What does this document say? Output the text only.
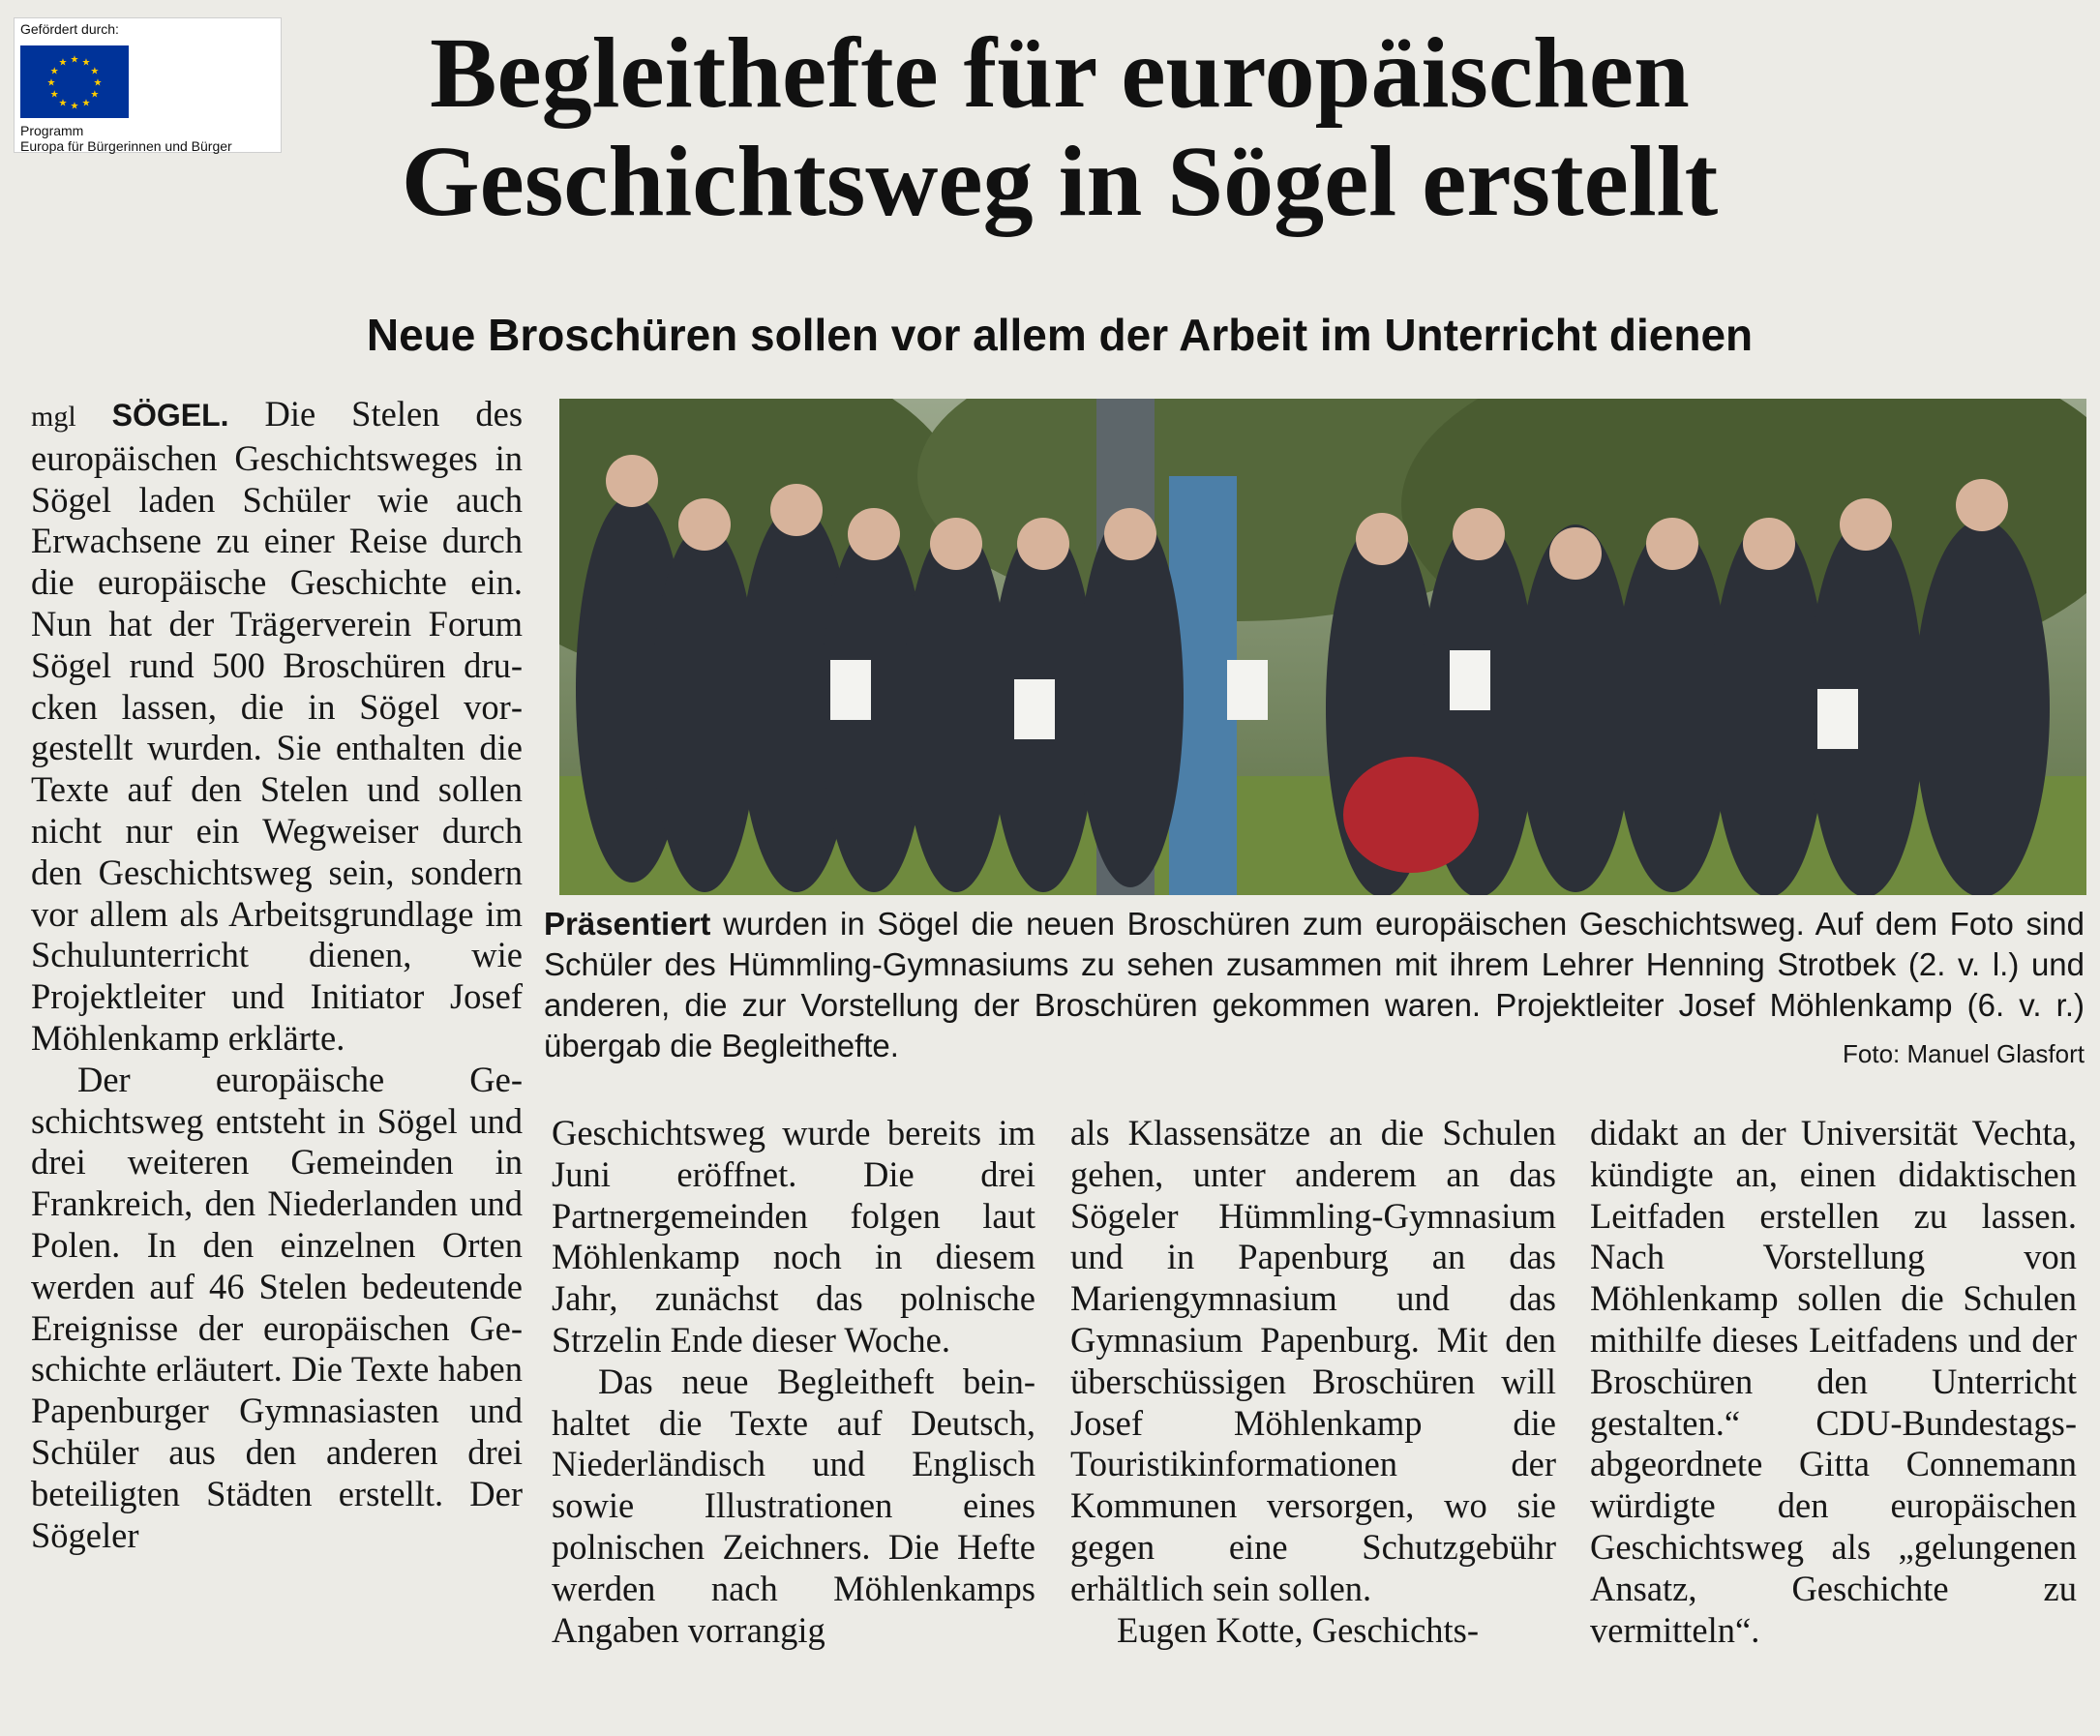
Gefördert durch:
★ ★
★
★
★
★
★
★
★
★
★
★
Programm
Europa für Bürgerinnen und Bürger
Begleithefte für europäischen
Geschichtsweg in Sögel erstellt
Neue Broschüren sollen vor allem der Arbeit im Unterricht dienen

mgl SÖGEL. Die Stelen des europäischen Geschichtsweges in Sögel laden Schüler wie auch Erwachsene zu einer Reise durch die europäische Geschichte ein. Nun hat der Trägerverein Forum Sögel rund 500 Broschüren drucken lassen, die in Sögel vorgestellt wurden. Sie enthalten die Texte auf den Stelen und sollen nicht nur ein Wegweiser durch den Geschichtsweg sein, sondern vor allem als Arbeitsgrundlage im Schulunterricht dienen, wie Projektleiter und Initiator Josef Möhlenkamp erklärte.

Der europäische Geschichtsweg entsteht in Sögel und drei weiteren Gemeinden in Frankreich, den Niederlanden und Polen. In den einzelnen Orten werden auf 46 Stelen bedeutende Ereignisse der europäischen Geschichte erläutert. Die Texte haben Papenburger Gymnasiasten und Schüler aus den anderen drei beteiligten Städten erstellt. Der Sögeler

Präsentiert wurden in Sögel die neuen Broschüren zum europäischen Geschichtsweg. Auf dem Foto sind Schüler des Hümmling-Gymnasiums zu sehen zusammen mit ihrem Lehrer Henning Strotbek (2. v. l.) und anderen, die zur Vorstellung der Broschüren gekommen waren. Projektleiter Josef Möhlenkamp (6. v. r.) übergab die Begleithefte.	Foto: Manuel Glasfort

Geschichtsweg wurde bereits im Juni eröffnet. Die drei Partnergemeinden folgen laut Möhlenkamp noch in diesem Jahr, zunächst das polnische Strzelin Ende dieser Woche.

Das neue Begleitheft beinhaltet die Texte auf Deutsch, Niederländisch und Englisch sowie Illustrationen eines polnischen Zeichners. Die Hefte werden nach Möhlenkamps Angaben vorrangig

als Klassensätze an die Schulen gehen, unter anderem an das Sögeler Hümmling-Gymnasium und in Papenburg an das Mariengymnasium und das Gymnasium Papenburg. Mit den überschüssigen Broschüren will Josef Möhlenkamp die Touristikinformationen der Kommunen versorgen, wo sie gegen eine Schutzgebühr erhältlich sein sollen.

Eugen Kotte, Geschichts-

didakt an der Universität Vechta, kündigte an, einen didaktischen Leitfaden erstellen zu lassen. Nach Vorstellung von Möhlenkamp sollen die Schulen mithilfe dieses Leitfadens und der Broschüren den Unterricht gestalten.“ CDU-Bundestagsabgeordnete Gitta Connemann würdigte den europäischen Geschichtsweg als „gelungenen Ansatz, Geschichte zu vermitteln“.
